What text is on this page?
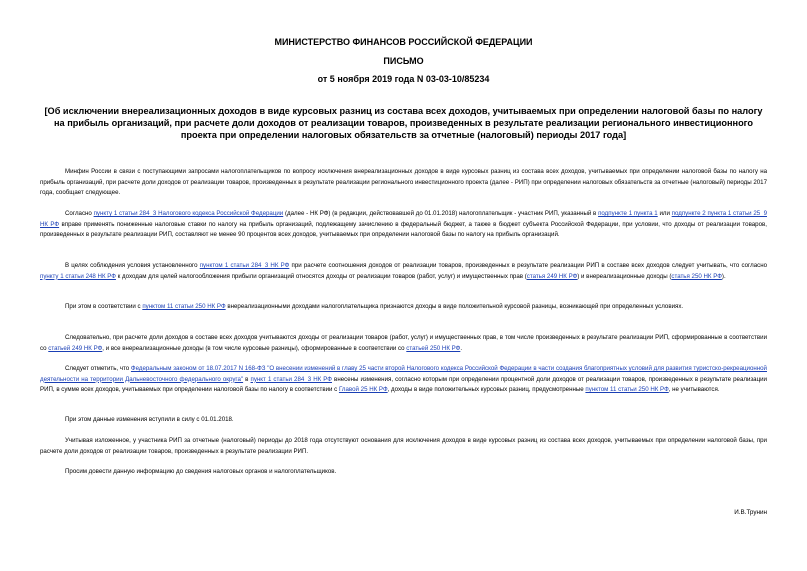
МИНИСТЕРСТВО ФИНАНСОВ РОССИЙСКОЙ ФЕДЕРАЦИИ

ПИСЬМО

от 5 ноября 2019 года N 03-03-10/85234

[Об исключении внереализационных доходов в виде курсовых разниц из состава всех доходов, учитываемых при определении налоговой базы по налогу на прибыль организаций, при расчете доли доходов от реализации товаров, произведенных в результате реализации регионального инвестиционного проекта при определении налоговых обязательств за отчетные (налоговый) периоды 2017 года]

Минфин России в связи с поступающими запросами налогоплательщиков по вопросу исключения внереализационных доходов в виде курсовых разниц из состава всех доходов, учитываемых при определении налоговой базы по налогу на прибыль организаций, при расчете доли доходов от реализации товаров, произведенных в результате реализации регионального инвестиционного проекта (далее - РИП) при определении налоговых обязательств за отчетные (налоговый) периоды 2017 года, сообщает следующее.

Согласно пункту 1 статьи 284_3 Налогового кодекса Российской Федерации (далее - НК РФ) (в редакции, действовавшей до 01.01.2018) налогоплательщик - участник РИП, указанный в подпункте 1 пункта 1 или подпункте 2 пункта 1 статьи 25_9 НК РФ вправе применять пониженные налоговые ставки по налогу на прибыль организаций, подлежащему зачислению в федеральный бюджет, а также в бюджет субъекта Российской Федерации, при условии, что доходы от реализации товаров, произведенных в результате реализации РИП, составляют не менее 90 процентов всех доходов, учитываемых при определении налоговой базы по налогу на прибыль организаций.

В целях соблюдения условия установленного пунктом 1 статьи 284_3 НК РФ при расчете соотношения доходов от реализации товаров, произведенных в результате реализации РИП в составе всех доходов следует учитывать, что согласно пункту 1 статьи 248 НК РФ к доходам для целей налогообложения прибыли организаций относятся доходы от реализации товаров (работ, услуг) и имущественных прав (статья 249 НК РФ) и внереализационные доходы (статья 250 НК РФ).

При этом в соответствии с пунктом 11 статьи 250 НК РФ внереализационными доходами налогоплательщика признаются доходы в виде положительной курсовой разницы, возникающей при определенных условиях.

Следовательно, при расчете доли доходов в составе всех доходов учитываются доходы от реализации товаров (работ, услуг) и имущественных прав, в том числе произведенных в результате реализации РИП, сформированные в соответствии со статьей 249 НК РФ, и все внереализационные доходы (в том числе курсовые разницы), сформированные в соответствии со статьей 250 НК РФ.

Следует отметить, что Федеральным законом от 18.07.2017 N 168-ФЗ "О внесении изменений в главу 25 части второй Налогового кодекса Российской Федерации в части создания благоприятных условий для развития туристско-рекреационной деятельности на территории Дальневосточного федерального округа" в пункт 1 статьи 284_3 НК РФ внесены изменения, согласно которым при определении процентной доли доходов от реализации товаров, произведенных в результате реализации РИП, в сумме всех доходов, учитываемых при определении налоговой базы по налогу в соответствии с Главой 25 НК РФ, доходы в виде положительных курсовых разниц, предусмотренные пунктом 11 статьи 250 НК РФ, не учитываются.

При этом данные изменения вступили в силу с 01.01.2018.

Учитывая изложенное, у участника РИП за отчетные (налоговый) периоды до 2018 года отсутствуют основания для исключения доходов в виде курсовых разниц из состава всех доходов, учитываемых при определении налоговой базы, при расчете доли доходов от реализации товаров, произведенных в результате реализации РИП.

Просим довести данную информацию до сведения налоговых органов и налогоплательщиков.

И.В.Трунин
